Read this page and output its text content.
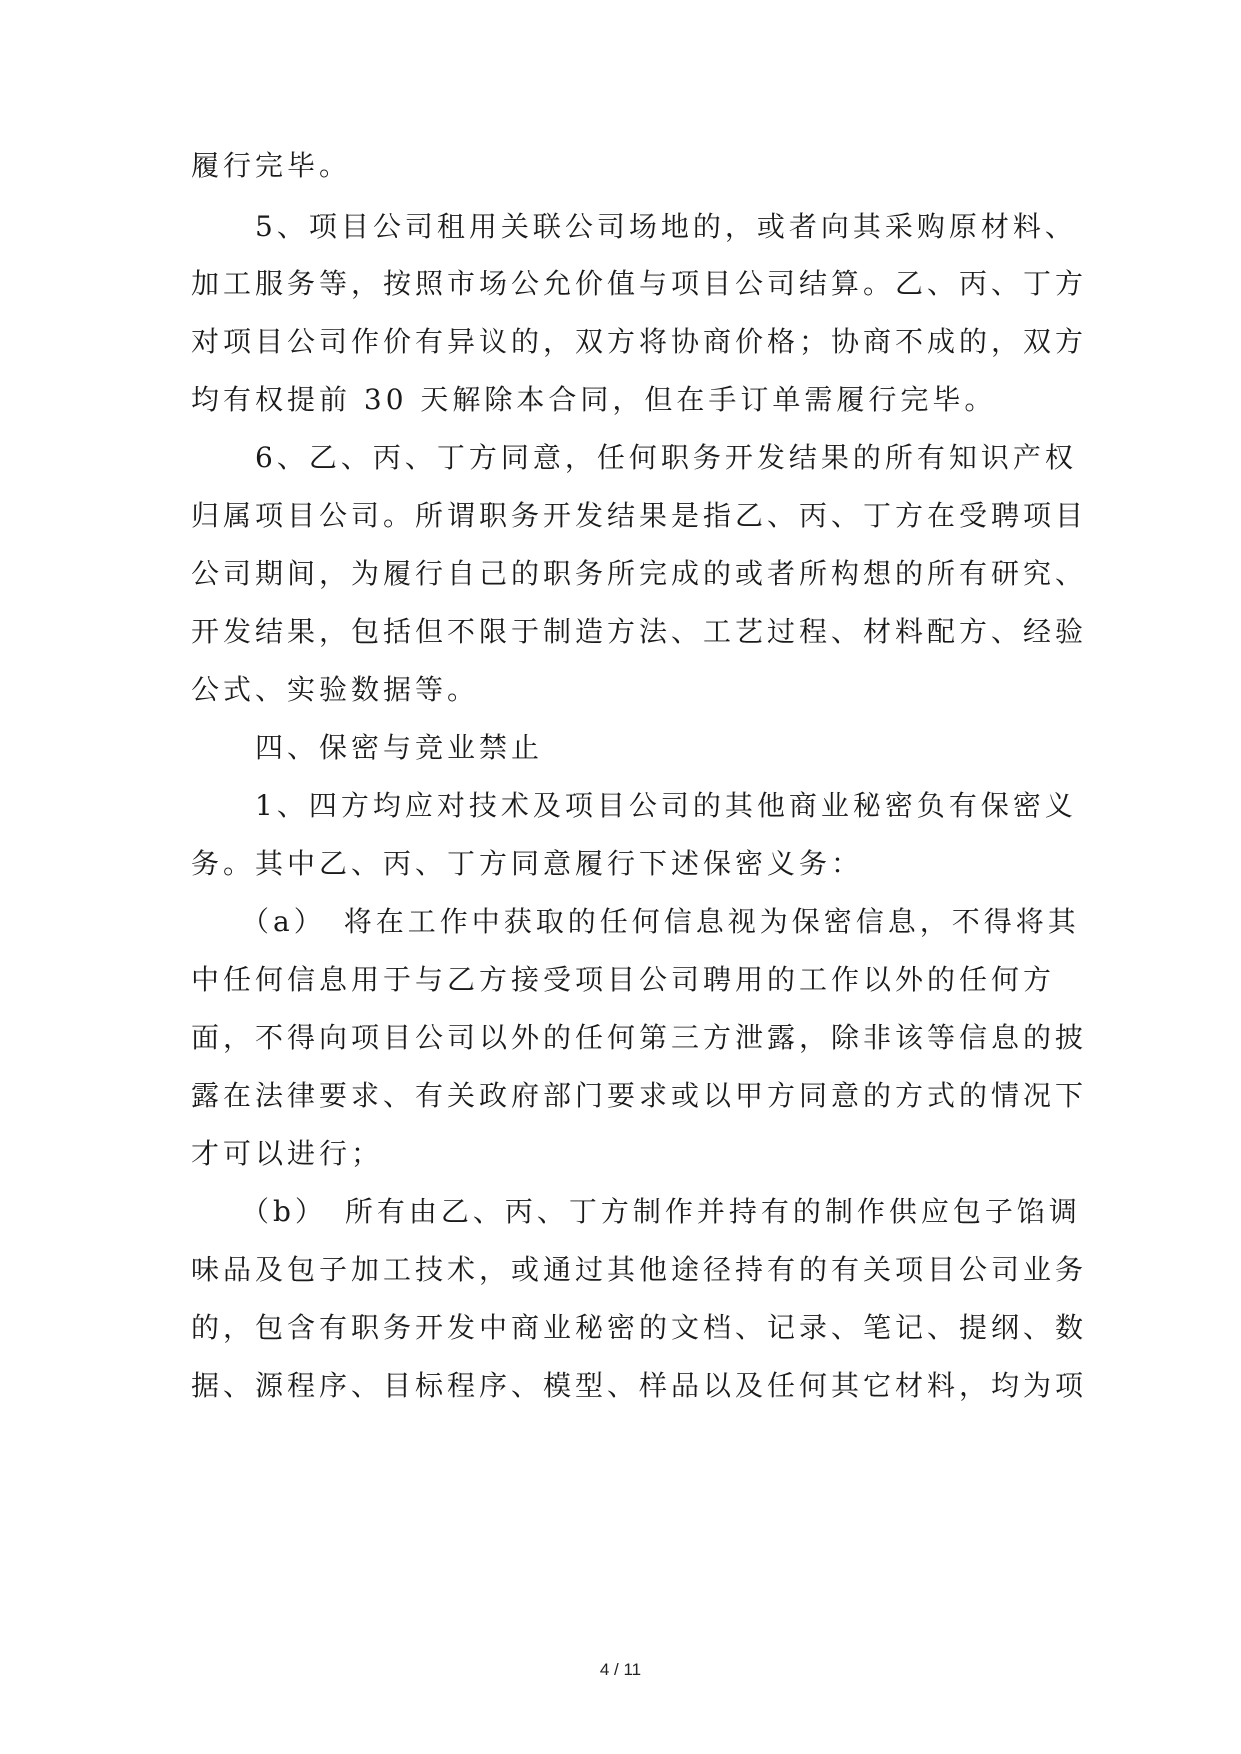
履行完毕。
　　5、项目公司租用关联公司场地的，或者向其采购原材料、
加工服务等，按照市场公允价值与项目公司结算。乙、丙、丁方
对项目公司作价有异议的，双方将协商价格；协商不成的，双方
均有权提前 30 天解除本合同，但在手订单需履行完毕。
　　6、乙、丙、丁方同意，任何职务开发结果的所有知识产权
归属项目公司。所谓职务开发结果是指乙、丙、丁方在受聘项目
公司期间，为履行自己的职务所完成的或者所构想的所有研究、
开发结果，包括但不限于制造方法、工艺过程、材料配方、经验
公式、实验数据等。
　　四、保密与竞业禁止
　　1、四方均应对技术及项目公司的其他商业秘密负有保密义
务。其中乙、丙、丁方同意履行下述保密义务：
　　（a）　将在工作中获取的任何信息视为保密信息，不得将其
中任何信息用于与乙方接受项目公司聘用的工作以外的任何方
面，不得向项目公司以外的任何第三方泄露，除非该等信息的披
露在法律要求、有关政府部门要求或以甲方同意的方式的情况下
才可以进行；
　　（b）　所有由乙、丙、丁方制作并持有的制作供应包子馅调
味品及包子加工技术，或通过其他途径持有的有关项目公司业务
的，包含有职务开发中商业秘密的文档、记录、笔记、提纲、数
据、源程序、目标程序、模型、样品以及任何其它材料，均为项
4 / 11
